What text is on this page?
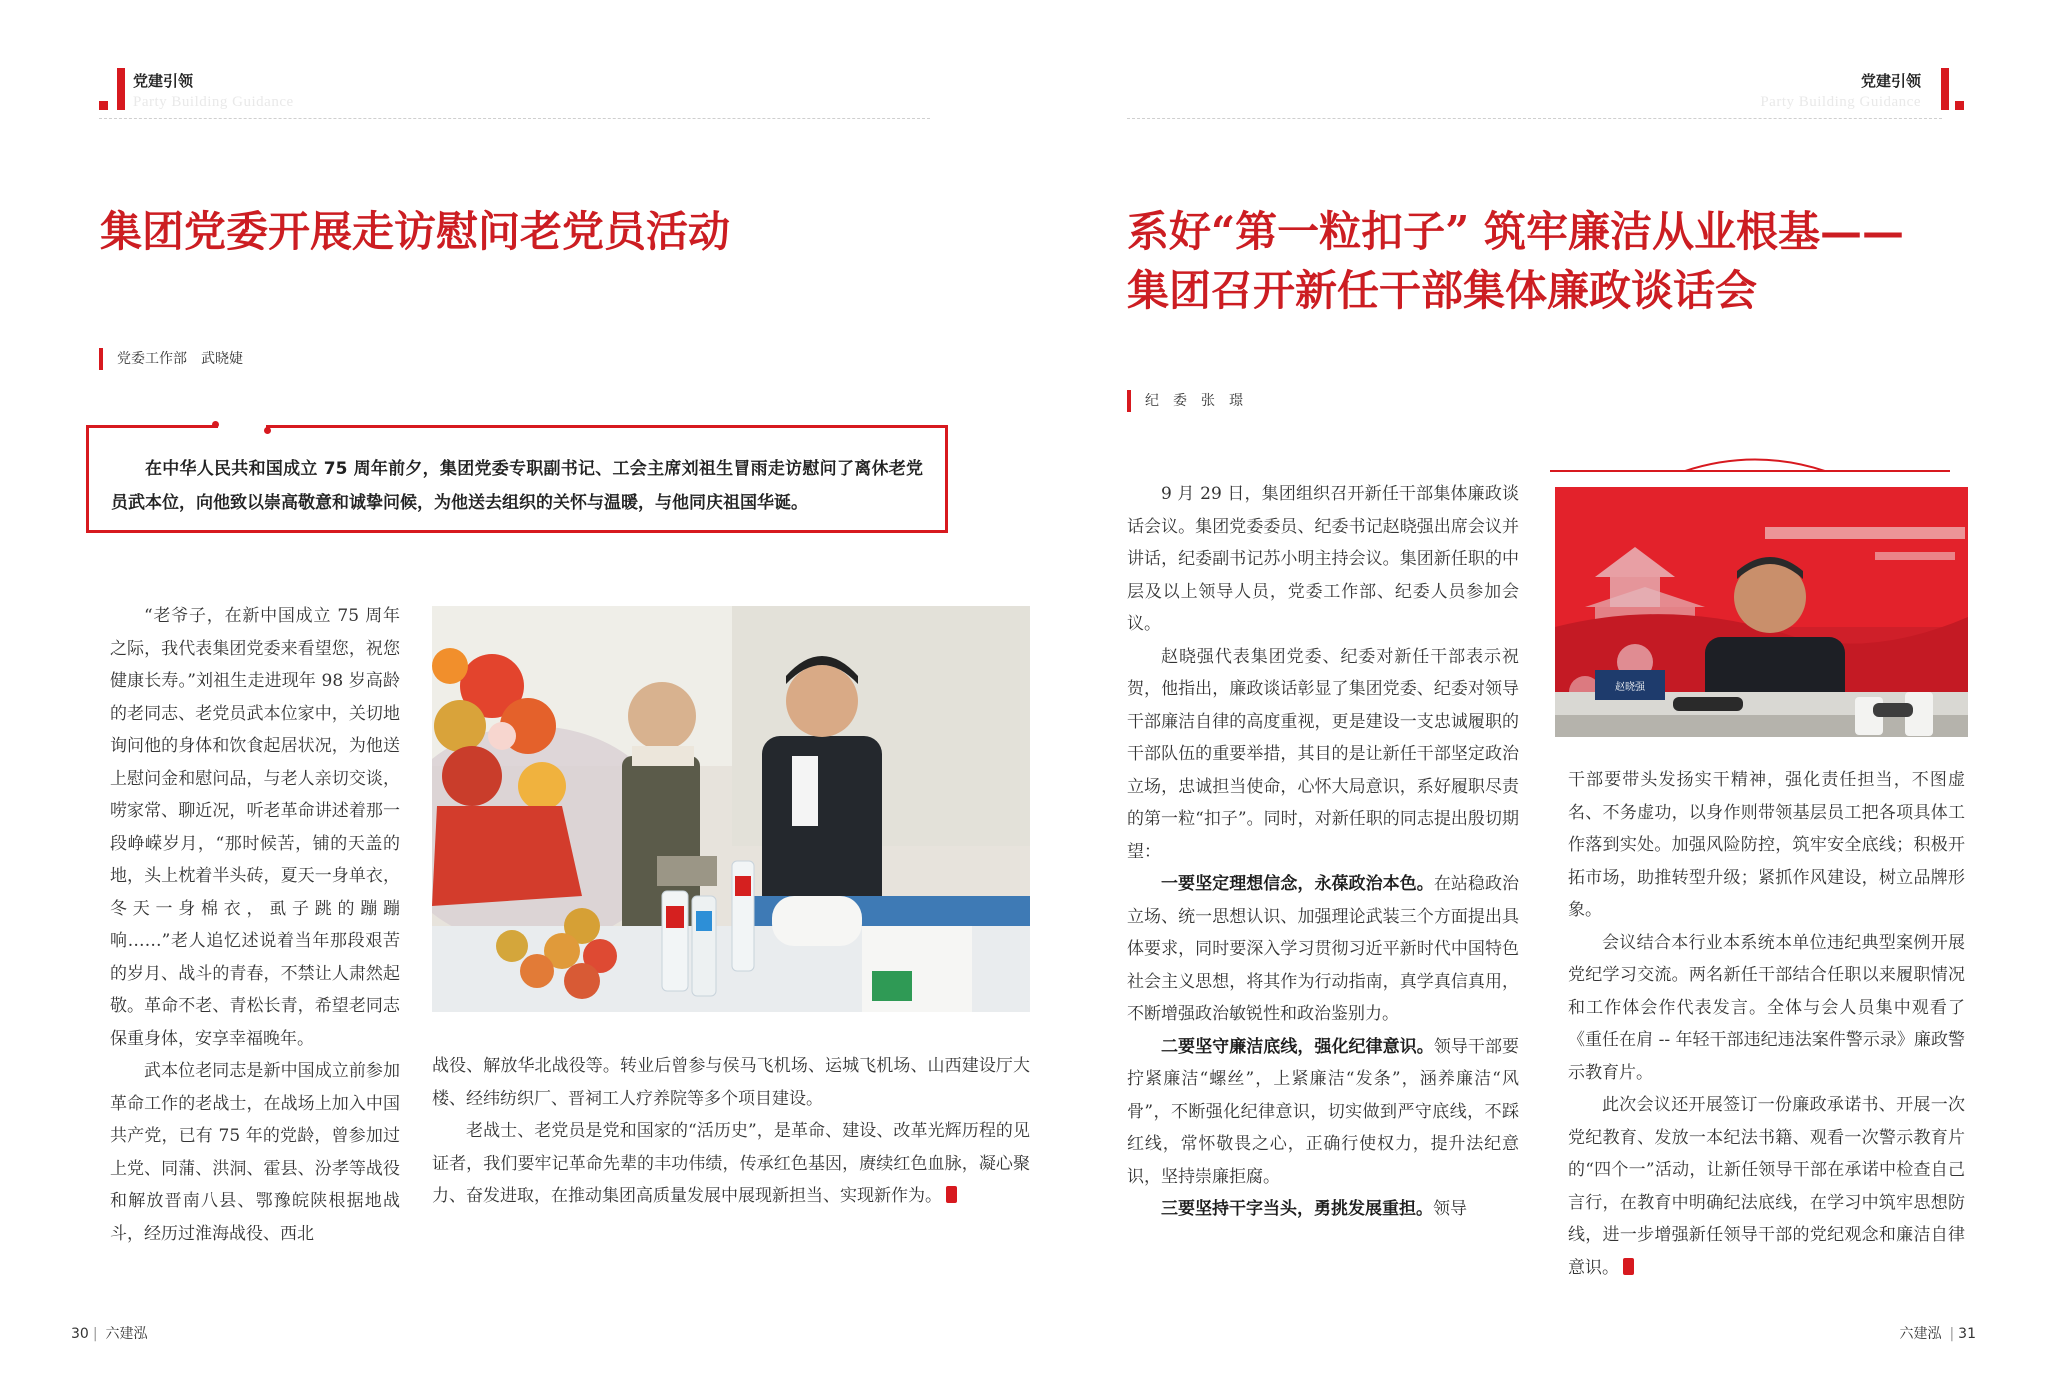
党建引领
Party Building Guidance
集团党委开展走访慰问老党员活动
党委工作部　武晓婕

在中华人民共和国成立 75 周年前夕，集团党委专职副书记、工会主席刘祖生冒雨走访慰问了离休老党员武本位，向他致以崇高敬意和诚挚问候，为他送去组织的关怀与温暖，与他同庆祖国华诞。

“老爷子，在新中国成立 75 周年之际，我代表集团党委来看望您，祝您健康长寿。”刘祖生走进现年 98 岁高龄的老同志、老党员武本位家中，关切地询问他的身体和饮食起居状况，为他送上慰问金和慰问品，与老人亲切交谈，唠家常、聊近况，听老革命讲述着那一段峥嵘岁月，“那时候苦，铺的天盖的地，头上枕着半头砖，夏天一身单衣，冬天一身棉衣，虱子跳的蹦蹦响……”老人追忆述说着当年那段艰苦的岁月、战斗的青春，不禁让人肃然起敬。革命不老、青松长青，希望老同志保重身体，安享幸福晚年。

武本位老同志是新中国成立前参加革命工作的老战士，在战场上加入中国共产党，已有 75 年的党龄，曾参加过上党、同蒲、洪洞、霍县、汾孝等战役和解放晋南八县、鄂豫皖陕根据地战斗，经历过淮海战役、西北

战役、解放华北战役等。转业后曾参与侯马飞机场、运城飞机场、山西建设厅大楼、经纬纺织厂、晋祠工人疗养院等多个项目建设。

老战士、老党员是党和国家的“活历史”，是革命、建设、改革光辉历程的见证者，我们要牢记革命先辈的丰功伟绩，传承红色基因，赓续红色血脉，凝心聚力、奋发进取，在推动集团高质量发展中展现新担当、实现新作为。

30 | 六建泓
党建引领
Party Building Guidance
系好“第一粒扣子” 筑牢廉洁从业根基——
集团召开新任干部集体廉政谈话会
纪　委　张　璟

9 月 29 日，集团组织召开新任干部集体廉政谈话会议。集团党委委员、纪委书记赵晓强出席会议并讲话，纪委副书记苏小明主持会议。集团新任职的中层及以上领导人员，党委工作部、纪委人员参加会议。

赵晓强代表集团党委、纪委对新任干部表示祝贺，他指出，廉政谈话彰显了集团党委、纪委对领导干部廉洁自律的高度重视，更是建设一支忠诚履职的干部队伍的重要举措，其目的是让新任干部坚定政治立场，忠诚担当使命，心怀大局意识，系好履职尽责的第一粒“扣子”。同时，对新任职的同志提出殷切期望：

一要坚定理想信念，永葆政治本色。在站稳政治立场、统一思想认识、加强理论武装三个方面提出具体要求，同时要深入学习贯彻习近平新时代中国特色社会主义思想，将其作为行动指南，真学真信真用，不断增强政治敏锐性和政治鉴别力。

二要坚守廉洁底线，强化纪律意识。领导干部要拧紧廉洁“螺丝”，上紧廉洁“发条”，涵养廉洁“风骨”，不断强化纪律意识，切实做到严守底线，不踩红线，常怀敬畏之心，正确行使权力，提升法纪意识，坚持崇廉拒腐。

三要坚持干字当头，勇挑发展重担。领导

赵晓强

干部要带头发扬实干精神，强化责任担当，不图虚名、不务虚功，以身作则带领基层员工把各项具体工作落到实处。加强风险防控，筑牢安全底线；积极开拓市场，助推转型升级；紧抓作风建设，树立品牌形象。

会议结合本行业本系统本单位违纪典型案例开展党纪学习交流。两名新任干部结合任职以来履职情况和工作体会作代表发言。全体与会人员集中观看了《重任在肩 -- 年轻干部违纪违法案件警示录》廉政警示教育片。

此次会议还开展签订一份廉政承诺书、开展一次党纪教育、发放一本纪法书籍、观看一次警示教育片的“四个一”活动，让新任领导干部在承诺中检查自己言行，在教育中明确纪法底线，在学习中筑牢思想防线，进一步增强新任领导干部的党纪观念和廉洁自律意识。

六建泓 | 31
